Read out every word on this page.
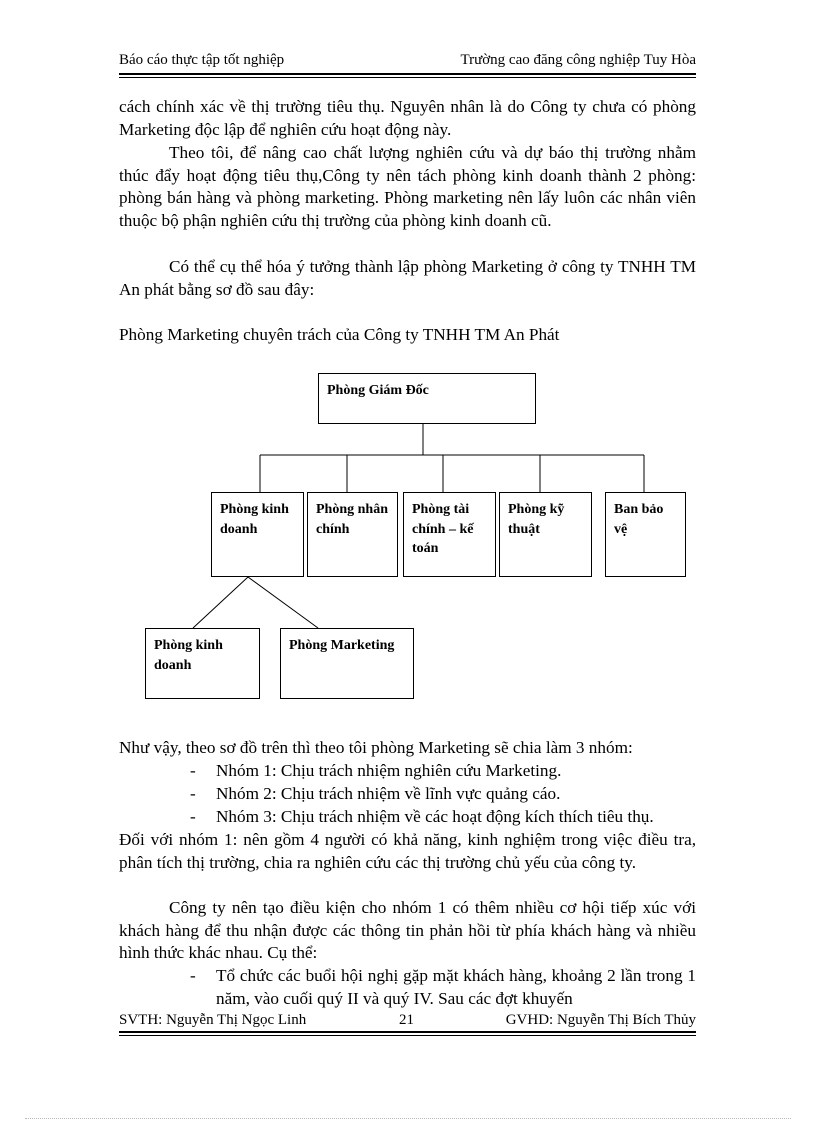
Báo cáo thực tập tốt nghiệp	Trường cao đăng công nghiệp Tuy Hòa

cách chính xác về thị trường tiêu thụ. Nguyên nhân là do Công ty chưa có phòng Marketing độc lập để nghiên cứu hoạt động này.

Theo tôi, để nâng cao chất lượng nghiên cứu và dự báo thị trường nhằm thúc đẩy hoạt động tiêu thụ,Công ty nên tách phòng kinh doanh thành 2 phòng: phòng bán hàng và phòng marketing. Phòng marketing nên lấy luôn các nhân viên thuộc bộ phận nghiên cứu thị trường của phòng kinh doanh cũ.

Có thể cụ thể hóa ý tưởng thành lập phòng Marketing ở công ty TNHH TM An phát bằng sơ đồ sau đây:

Phòng Marketing chuyên trách của Công ty TNHH TM An Phát

Phòng Giám Đốc
Phòng kinh doanh
Phòng nhân chính
Phòng tài chính – kế toán
Phòng kỹ thuật
Ban bảo vệ
Phòng kinh doanh
Phòng Marketing

Như vậy, theo sơ đồ trên thì theo tôi phòng Marketing sẽ chia làm 3 nhóm:

- Nhóm 1: Chịu trách nhiệm nghiên cứu Marketing.
- Nhóm 2: Chịu trách nhiệm về lĩnh vực quảng cáo.
- Nhóm 3: Chịu trách nhiệm về các hoạt động kích thích tiêu thụ.

Đối với nhóm 1: nên gồm 4 người có khả năng, kinh nghiệm trong việc điều tra, phân tích thị trường, chia ra nghiên cứu các thị trường chủ yếu của công ty.

Công ty nên tạo điều kiện cho nhóm 1 có thêm nhiều cơ hội tiếp xúc với khách hàng để thu nhận được các thông tin phản hồi từ phía khách hàng và nhiều hình thức khác nhau. Cụ thể:

- Tổ chức các buổi hội nghị gặp mặt khách hàng, khoảng 2 lần trong 1 năm, vào cuối quý II và quý IV. Sau các đợt khuyến
SVTH: Nguyễn Thị Ngọc Linh	21	GVHD: Nguyễn Thị Bích Thủy
